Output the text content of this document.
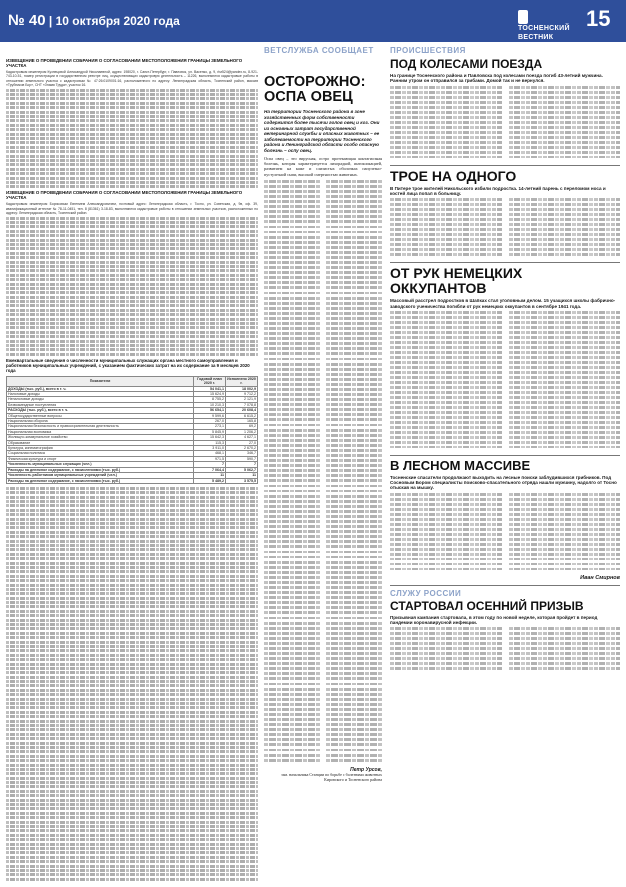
№ 40 | 10 октября 2020 года
ТОСНЕНСКИЙ
ВЕСТНИК
15
ИЗВЕЩЕНИЕ О ПРОВЕДЕНИИ СОБРАНИЯ О СОГЛАСОВАНИИ МЕСТОПОЛОЖЕНИЯ ГРАНИЦЫ ЗЕМЕЛЬНОГО УЧАСТКА

Кадастровым инженером Кузнецовой Александрой Николаевной, адрес: 198020, г. Санкт-Петербург, г. Павловск, ул. Васенко, д. 9, rbz524@yandex.ru, 8-921-743-10-51, номер регистрации в государственном реестре лиц, осуществляющих кадастровую деятельность – 11226, выполняются кадастровые работы в отношении земельного участка с кадастровым № 47:26:0109001:16, расположенного по адресу: Ленинградская область, Тосненский район, массив «Трубников Бор», СНТ «Знамя Труда», участок 16.

ИЗВЕЩЕНИЕ О ПРОВЕДЕНИИ СОБРАНИЯ О СОГЛАСОВАНИИ МЕСТОПОЛОЖЕНИЯ ГРАНИЦЫ ЗЕМЕЛЬНОГО УЧАСТКА

Кадастровым инженером Борисовым Евгением Александровичем, почтовый адрес: Ленинградская область, г. Тосно, ул. Советская, д. 9в, оф. 39, квалификационный аттестат № 78-11-0451, тел. 8 (81361) 3-18-83, выполняются кадастровые работы в отношении земельных участков, расположенных по адресу: Ленинградская область, Тосненский район.

Ежеквартальные сведения о численности муниципальных служащих органа местного самоуправления и работников муниципальных учреждений, с указанием фактических затрат на их содержание за 9 месяцев 2020 года
Показатели	Годовой план 2020 г.	Исполнено 2020 г.
ДОХОДЫ (тыс. руб.), всего в т. ч.	54 041,1	18 002,9
Налоговые доходы	15 624,9	9 712,2
Неналоговые доходы	8 755,2	2 121,9
Безвозмездные поступления	10 210,3	7 078,8
РАСХОДЫ (тыс. руб.), всего в т. ч.	56 654,1	20 608,4
Общегосударственные вопросы	9 599,6	6 615,2
Национальная оборона	267,0	165,8
Национальная безопасность и правоохранительная деятельность	273,1	69,2
Национальная экономика	5 845,9	1 206,2
Жилищно-коммунальное хозяйство	15 642,3	4 627,1
Образование	115,3	27,0
Культура, кинематография	3 911,0	2 670,2
Социальная политика	468,1	346,7
Физическая культура и спорт	971,5	590,7
Численность муниципальных служащих (чел.)	7	7
Расходы на денежное содержание, с начислениями (тыс. руб.)	7 064,4	5 062,7
Численность работников муниципальных учреждений (чел.)	11	11
Расходы на денежное содержание, с начислениями (тыс. руб.)	5 489,2	3 575,5
ВЕТСЛУЖБА СООБЩАЕТ
ОСТОРОЖНО: ОСПА ОВЕЦ
На территории Тосненского района в зоне хозяйственных форм собственности содержится более тысячи голов овец и коз. Они из основных затрат государственной ветеринарной службы и опасных животных – ее заболеваемости на территории Тосненского района и Ленинградской области особо опасную болезнь – оспу овец.
Оспа овец – это вирусная, остро протекающая контагиозная болезнь, которая характеризуется лихорадкой, интоксикацией, развитием на коже и слизистых оболочках папулезно-пустулезной сыпи, высокой смертностью животных.
Петр Урсов,
зам. начальника Станции по борьбе с болезнями животных Кировского и Тосненского района
ПРОИСШЕСТВИЯ
ПОД КОЛЕСАМИ ПОЕЗДА
На границе Тосненского района и Павловска под колесами поезда погиб 43-летний мужчина. Ранним утром он отправился за грибами. Домой так и не вернулся.
ТРОЕ НА ОДНОГО
В Питере трое жителей Никольского избили подростка. 14-летний парень с переломом носа и костей лица попал в больницу.
ОТ РУК НЕМЕЦКИХ ОККУПАНТОВ
Массовый расстрел подростков в Шапках стал уголовным делом. 15 учащихся школы фабрично-заводского ученичества погибли от рук немецких оккупантов в сентябре 1941 года.
В ЛЕСНОМ МАССИВЕ
Тосненские спасатели продолжают выходить на лесные поиски заблудившихся грибников. Под Сосновым Бором специалисты поисково-спасательного отряда нашли мужчину, надолго от Тосно отыскав на мышку.
Иван Смирнов
СЛУЖУ РОССИИ
СТАРТОВАЛ ОСЕННИЙ ПРИЗЫВ
Призывная кампания стартовала, в этом году по новой неделе, которая пройдет в период пандемии коронавирусной инфекции.
